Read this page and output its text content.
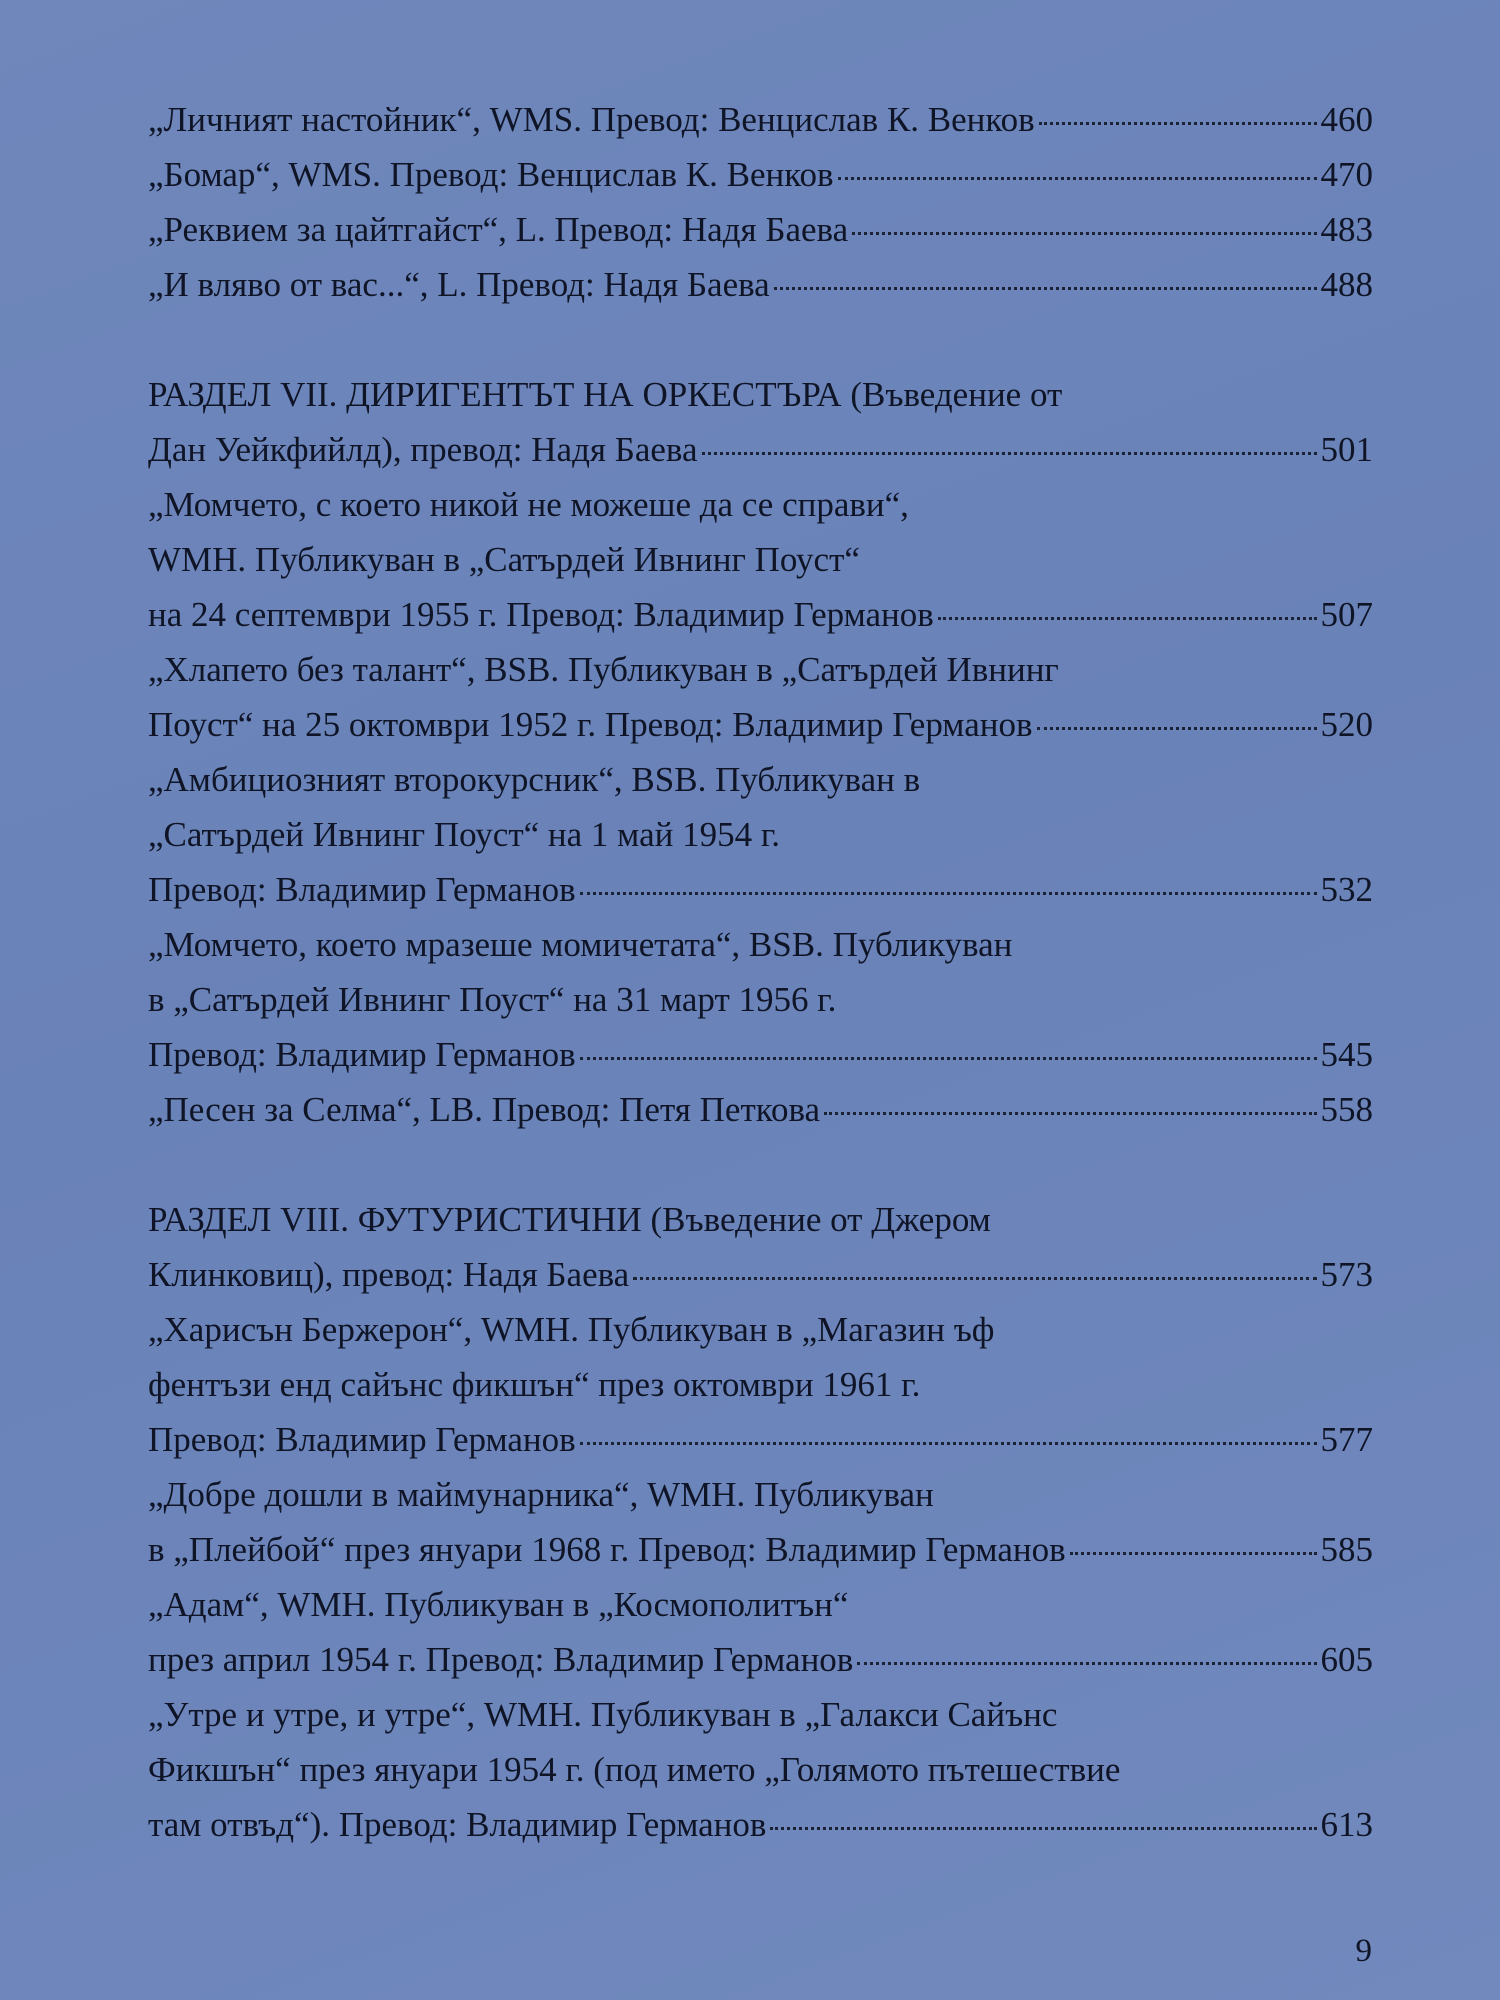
„Личният настойник“, WMS. Превод: Венцислав К. Венков	460
„Бомар“, WMS. Превод: Венцислав К. Венков	470
„Реквием за цайтгайст“, L. Превод: Надя Баева	483
„И вляво от вас...“, L. Превод: Надя Баева	488
РАЗДЕЛ VII. ДИРИГЕНТЪТ НА ОРКЕСТЪРА (Въведение от
Дан Уейкфийлд), превод: Надя Баева	501
„Момчето, с което никой не можеше да се справи“,
WMH. Публикуван в „Сатърдей Ивнинг Поуст“
на 24 септември 1955 г. Превод: Владимир Германов	507
„Хлапето без талант“, BSB. Публикуван в „Сатърдей Ивнинг
Поуст“ на 25 октомври 1952 г. Превод: Владимир Германов	520
„Амбициозният второкурсник“, BSB. Публикуван в
„Сатърдей Ивнинг Поуст“ на 1 май 1954 г.
Превод: Владимир Германов	532
„Момчето, което мразеше момичетата“, BSB. Публикуван
в „Сатърдей Ивнинг Поуст“ на 31 март 1956 г.
Превод: Владимир Германов	545
„Песен за Селма“, LB. Превод: Петя Петкова	558
РАЗДЕЛ VIII. ФУТУРИСТИЧНИ (Въведение от Джером
Клинковиц), превод: Надя Баева	573
„Харисън Бержерон“, WMH. Публикуван в „Магазин ъф
фентъзи енд сайънс фикшън“ през октомври 1961 г.
Превод: Владимир Германов	577
„Добре дошли в маймунарника“, WMH. Публикуван
в „Плейбой“ през януари 1968 г. Превод: Владимир Германов	585
„Адам“, WMH. Публикуван в „Космополитън“
през април 1954 г. Превод: Владимир Германов	605
„Утре и утре, и утре“, WMH. Публикуван в „Галакси Сайънс
Фикшън“ през януари 1954 г. (под името „Голямото пътешествие
там отвъд“). Превод: Владимир Германов	613
9
